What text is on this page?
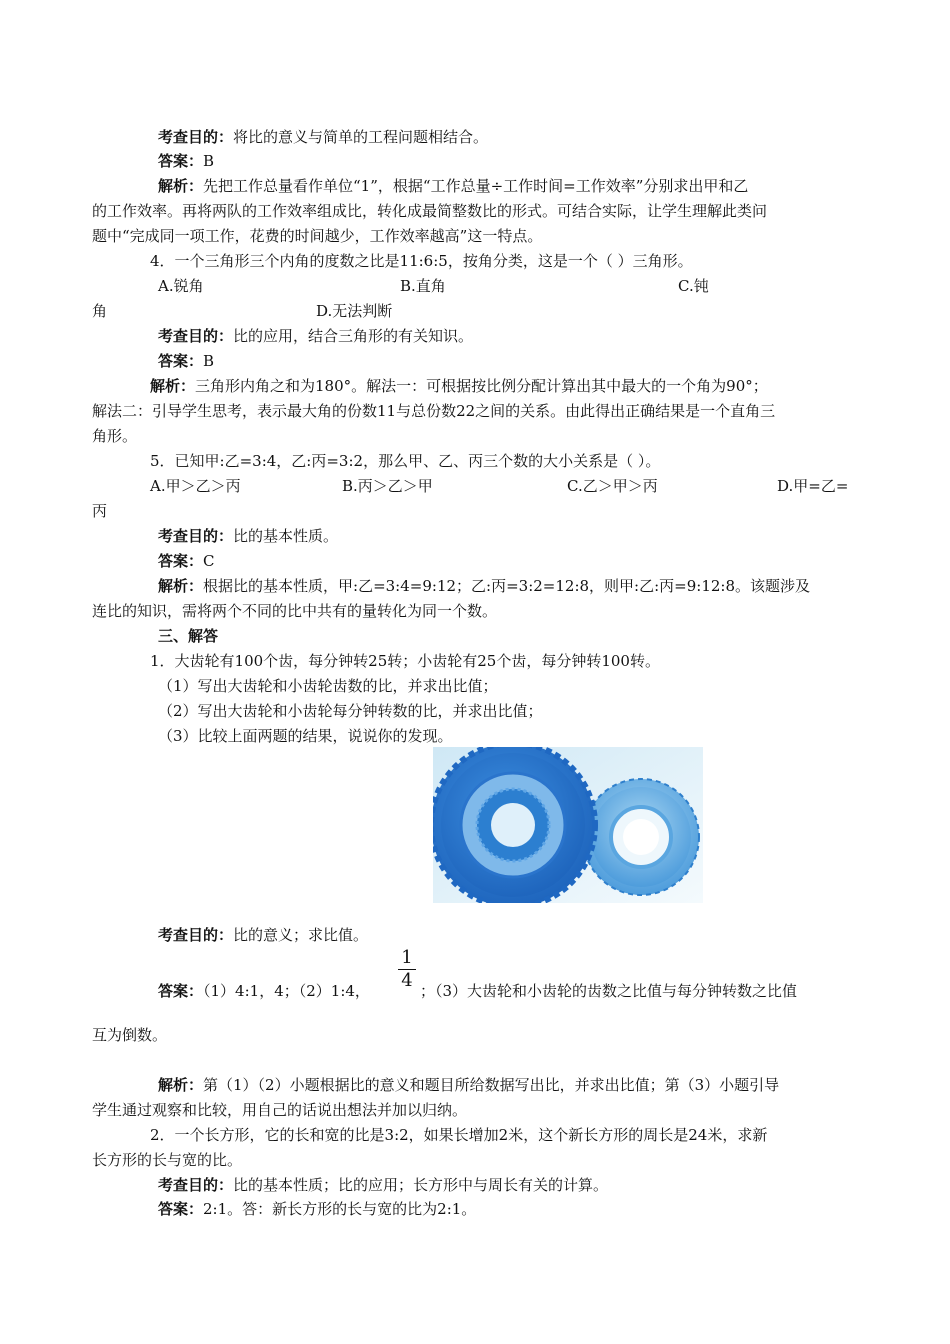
考查目的：将比的意义与简单的工程问题相结合。
答案：B
解析：先把工作总量看作单位“1”，根据“工作总量÷工作时间=工作效率”分别求出甲和乙
的工作效率。再将两队的工作效率组成比，转化成最简整数比的形式。可结合实际，让学生理解此类问
题中“完成同一项工作，花费的时间越少，工作效率越高”这一特点。
4．一个三角形三个内角的度数之比是11:6:5，按角分类，这是一个（ ）三角形。
A.锐角	B.直角	C.钝
角	D.无法判断
考查目的：比的应用，结合三角形的有关知识。
答案：B
解析：三角形内角之和为180°。解法一：可根据按比例分配计算出其中最大的一个角为90°；
解法二：引导学生思考，表示最大角的份数11与总份数22之间的关系。由此得出正确结果是一个直角三
角形。
5．已知甲:乙=3:4，乙:丙=3:2，那么甲、乙、丙三个数的大小关系是（ ）。
A.甲＞乙＞丙	B.丙＞乙＞甲	C.乙＞甲＞丙	D.甲=乙=
丙
考查目的：比的基本性质。
答案：C
解析：根据比的基本性质，甲:乙=3:4=9:12；乙:丙=3:2=12:8，则甲:乙:丙=9:12:8。该题涉及
连比的知识，需将两个不同的比中共有的量转化为同一个数。
三、解答
1．大齿轮有100个齿，每分钟转25转；小齿轮有25个齿，每分钟转100转。
（1）写出大齿轮和小齿轮齿数的比，并求出比值；
（2）写出大齿轮和小齿轮每分钟转数的比，并求出比值；
（3）比较上面两题的结果，说说你的发现。
考查目的：比的意义；求比值。
答案：（1）4:1，4；（2）1:4，
1
4 ；（3）大齿轮和小齿轮的齿数之比值与每分钟转数之比值
互为倒数。
解析：第（1）（2）小题根据比的意义和题目所给数据写出比，并求出比值；第（3）小题引导
学生通过观察和比较，用自己的话说出想法并加以归纳。
2．一个长方形，它的长和宽的比是3:2，如果长增加2米，这个新长方形的周长是24米，求新
长方形的长与宽的比。
考查目的：比的基本性质；比的应用；长方形中与周长有关的计算。
答案：2:1。答：新长方形的长与宽的比为2:1。
